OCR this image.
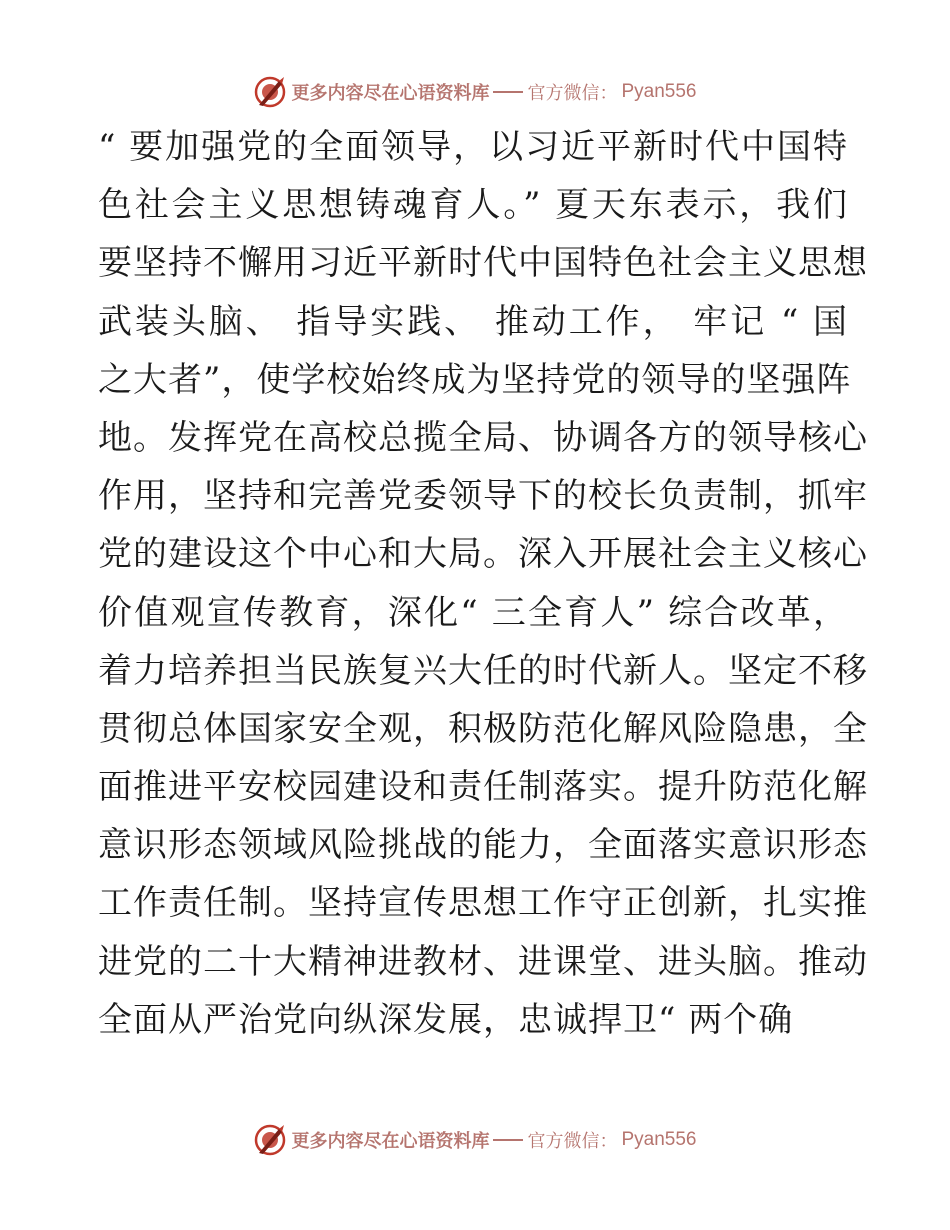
更多内容尽在心语资料库 官方微信： Pyan556
“ 要加强党的全面领导，以习近平新时代中国特
色社会主义思想铸魂育人。” 夏天东表示，我们
要坚持不懈用习近平新时代中国特色社会主义思想
武装头脑、 指导实践、 推动工作， 牢记 “ 国
之大者”，使学校始终成为坚持党的领导的坚强阵
地。发挥党在高校总揽全局、协调各方的领导核心
作用，坚持和完善党委领导下的校长负责制，抓牢
党的建设这个中心和大局。深入开展社会主义核心
价值观宣传教育，深化“ 三全育人” 综合改革，
着力培养担当民族复兴大任的时代新人。坚定不移
贯彻总体国家安全观，积极防范化解风险隐患，全
面推进平安校园建设和责任制落实。提升防范化解
意识形态领域风险挑战的能力，全面落实意识形态
工作责任制。坚持宣传思想工作守正创新，扎实推
进党的二十大精神进教材、进课堂、进头脑。推动
全面从严治党向纵深发展，忠诚捍卫“ 两个确
更多内容尽在心语资料库 官方微信： Pyan556
